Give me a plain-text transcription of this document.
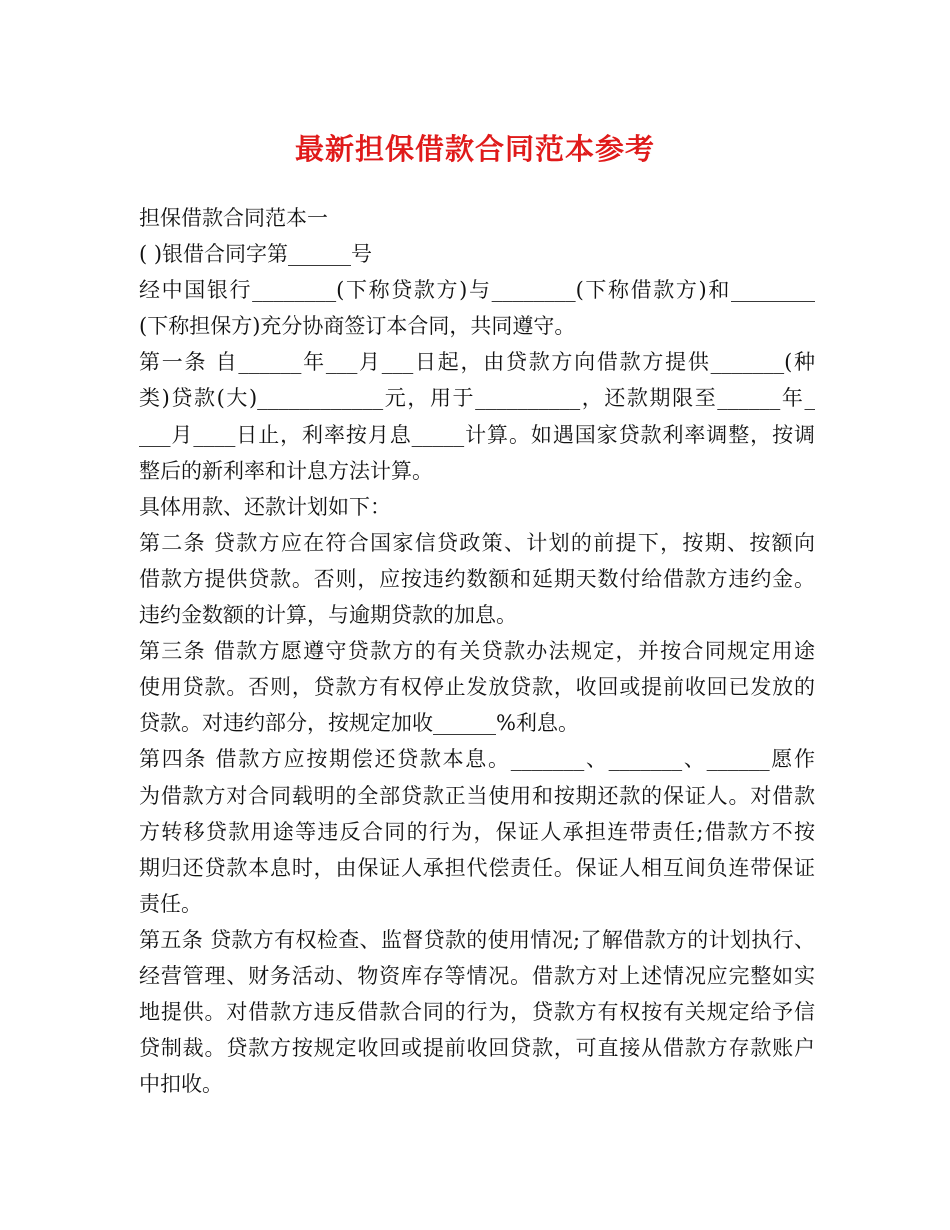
最新担保借款合同范本参考
担保借款合同范本一
( )银借合同字第______号
经中国银行________(下称贷款方)与________(下称借款方)和________
(下称担保方)充分协商签订本合同，共同遵守。
第一条 自______年___月___日起，由贷款方向借款方提供_______(种
类)贷款(大)____________元，用于__________，还款期限至______年_
___月____日止，利率按月息_____计算。如遇国家贷款利率调整，按调
整后的新利率和计息方法计算。
具体用款、还款计划如下：
第二条 贷款方应在符合国家信贷政策、计划的前提下，按期、按额向
借款方提供贷款。否则，应按违约数额和延期天数付给借款方违约金。
违约金数额的计算，与逾期贷款的加息。
第三条 借款方愿遵守贷款方的有关贷款办法规定，并按合同规定用途
使用贷款。否则，贷款方有权停止发放贷款，收回或提前收回已发放的
贷款。对违约部分，按规定加收______%利息。
第四条 借款方应按期偿还贷款本息。_______、_______、______愿作
为借款方对合同载明的全部贷款正当使用和按期还款的保证人。对借款
方转移贷款用途等违反合同的行为，保证人承担连带责任;借款方不按
期归还贷款本息时，由保证人承担代偿责任。保证人相互间负连带保证
责任。
第五条 贷款方有权检查、监督贷款的使用情况;了解借款方的计划执行、
经营管理、财务活动、物资库存等情况。借款方对上述情况应完整如实
地提供。对借款方违反借款合同的行为，贷款方有权按有关规定给予信
贷制裁。贷款方按规定收回或提前收回贷款，可直接从借款方存款账户
中扣收。
